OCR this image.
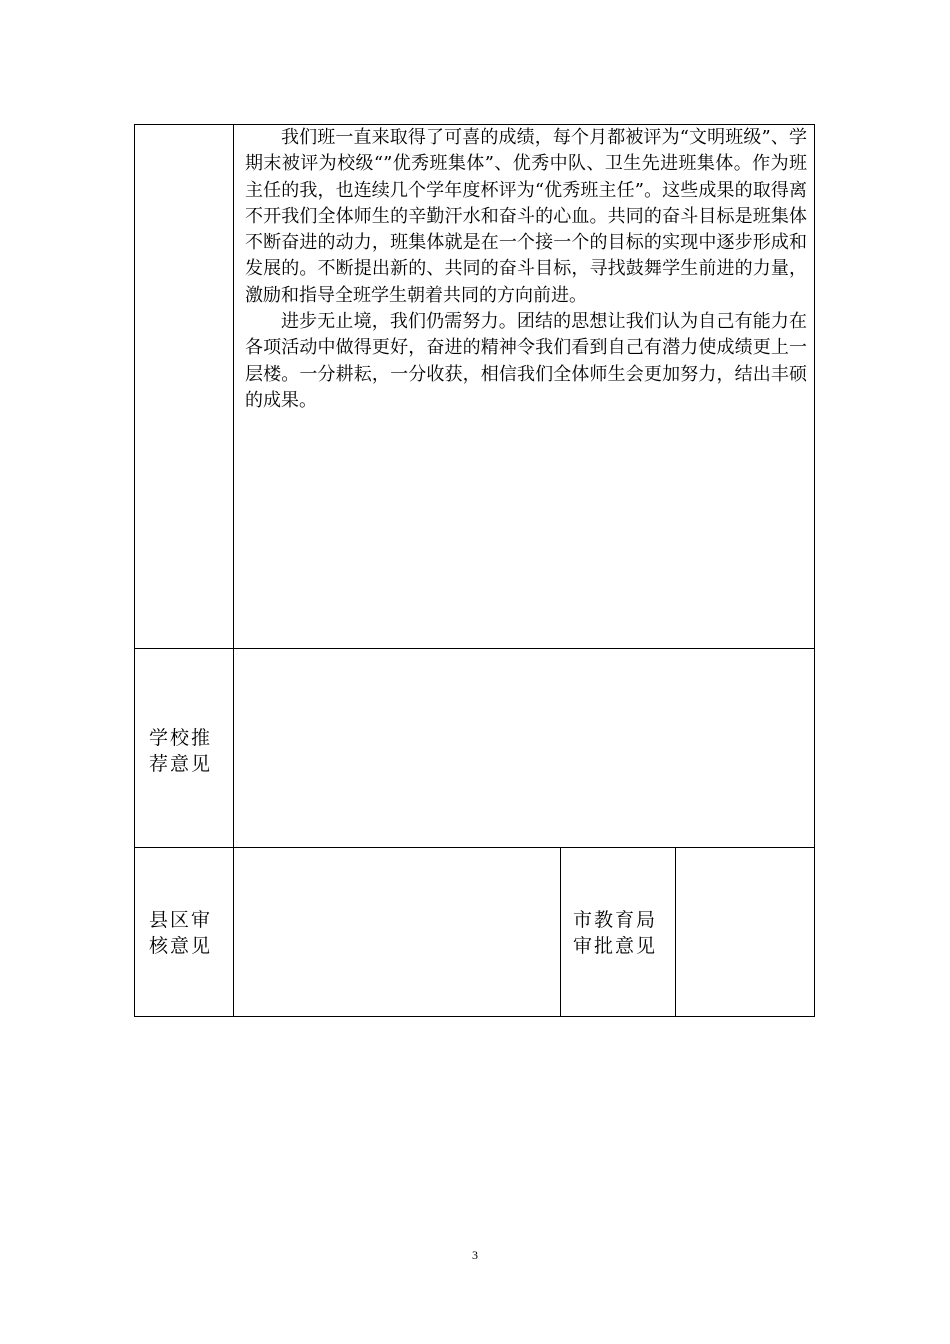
我们班一直来取得了可喜的成绩，每个月都被评为“文明班级”、学期末被评为校级“”优秀班集体”、优秀中队、卫生先进班集体。作为班主任的我，也连续几个学年度杯评为“优秀班主任”。这些成果的取得离不开我们全体师生的辛勤汗水和奋斗的心血。共同的奋斗目标是班集体不断奋进的动力，班集体就是在一个接一个的目标的实现中逐步形成和发展的。不断提出新的、共同的奋斗目标，寻找鼓舞学生前进的力量，激励和指导全班学生朝着共同的方向前进。

进步无止境，我们仍需努力。团结的思想让我们认为自己有能力在各项活动中做得更好，奋进的精神令我们看到自己有潜力使成绩更上一层楼。一分耕耘，一分收获，相信我们全体师生会更加努力，结出丰硕的成果。

学校推荐意见
县区审核意见
市教育局审批意见
3
